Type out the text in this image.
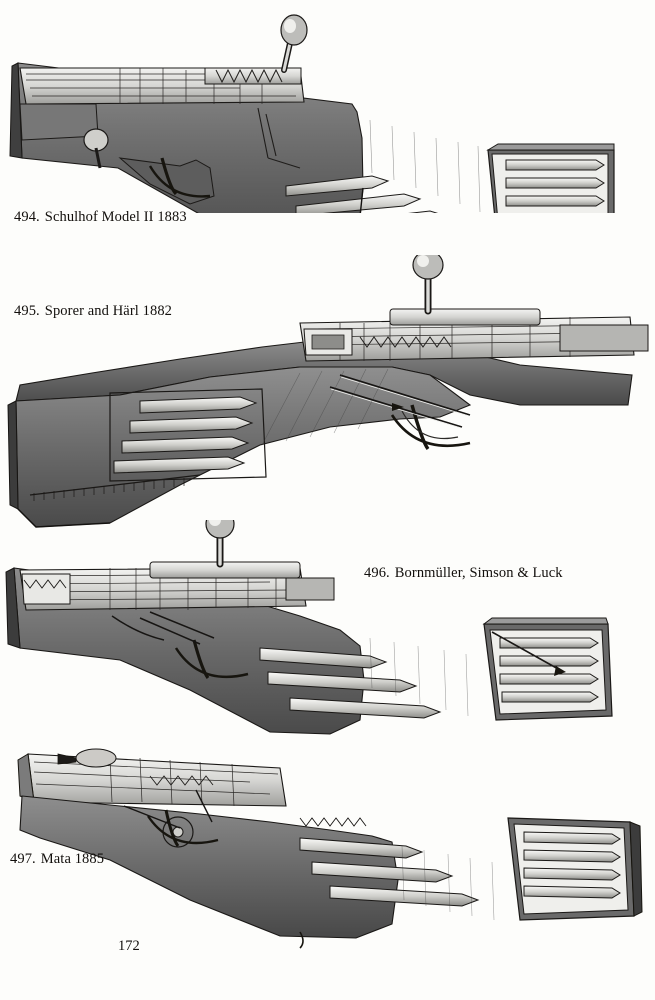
494. Schulhof Model II 1883
495. Sporer and Härl 1882
496. Bornmüller, Simson & Luck
497. Mata 1885
172
